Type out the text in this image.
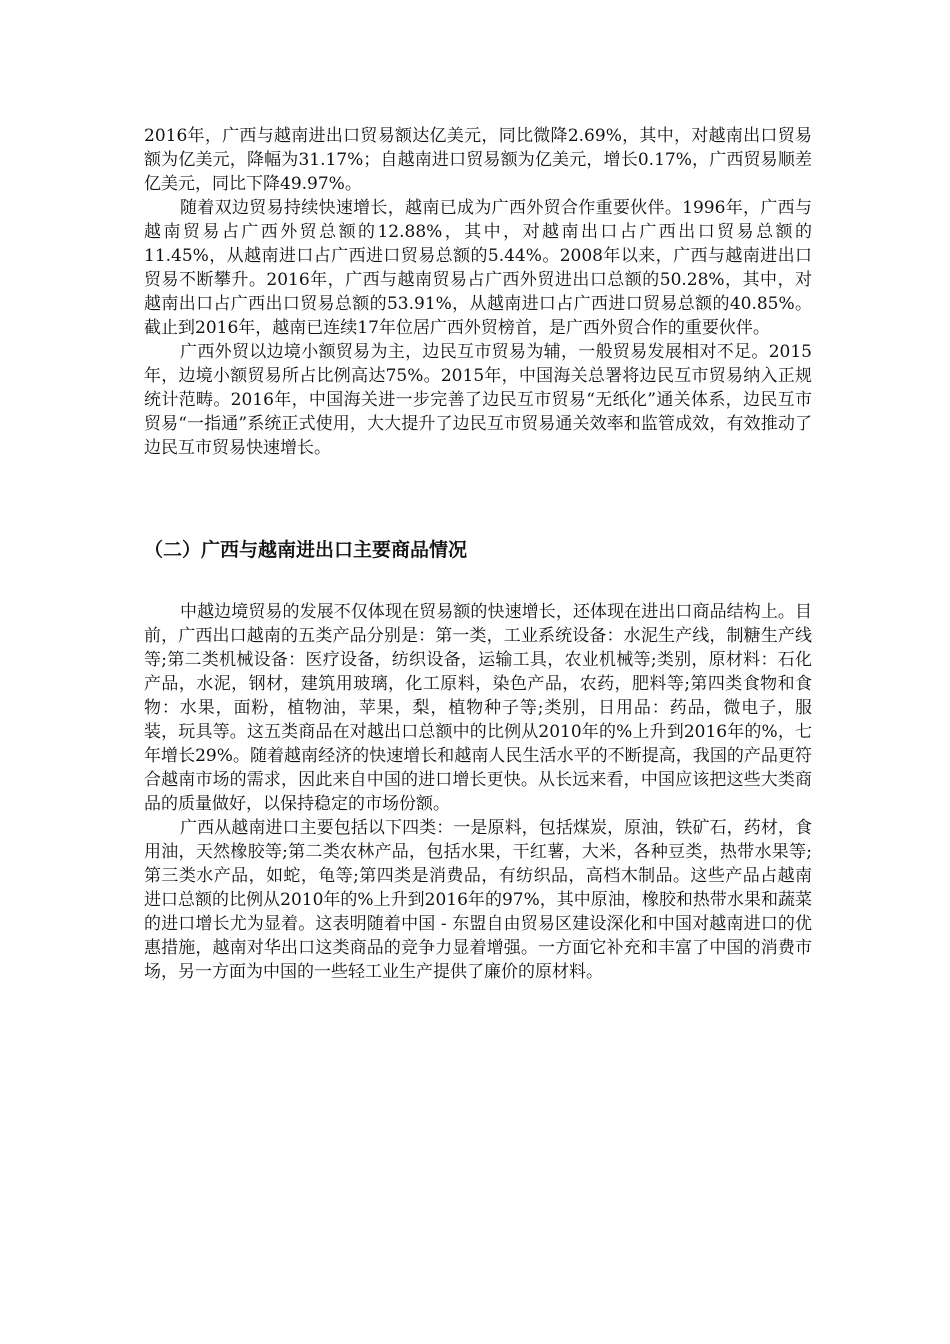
2016年，广西与越南进出口贸易额达亿美元，同比微降2.69%，其中，对越南出口贸易额为亿美元，降幅为31.17%；自越南进口贸易额为亿美元，增长0.17%，广西贸易顺差亿美元，同比下降49.97%。

随着双边贸易持续快速增长，越南已成为广西外贸合作重要伙伴。1996年，广西与越南贸易占广西外贸总额的12.88%，其中，对越南出口占广西出口贸易总额的11.45%，从越南进口占广西进口贸易总额的5.44%。2008年以来，广西与越南进出口贸易不断攀升。2016年，广西与越南贸易占广西外贸进出口总额的50.28%，其中，对越南出口占广西出口贸易总额的53.91%，从越南进口占广西进口贸易总额的40.85%。截止到2016年，越南已连续17年位居广西外贸榜首，是广西外贸合作的重要伙伴。

广西外贸以边境小额贸易为主，边民互市贸易为辅，一般贸易发展相对不足。2015年，边境小额贸易所占比例高达75%。2015年，中国海关总署将边民互市贸易纳入正规统计范畴。2016年，中国海关进一步完善了边民互市贸易“无纸化”通关体系，边民互市贸易“一指通”系统正式使用，大大提升了边民互市贸易通关效率和监管成效，有效推动了边民互市贸易快速增长。

（二）广西与越南进出口主要商品情况

中越边境贸易的发展不仅体现在贸易额的快速增长，还体现在进出口商品结构上。目前，广西出口越南的五类产品分别是：第一类，工业系统设备：水泥生产线，制糖生产线等;第二类机械设备：医疗设备，纺织设备，运输工具，农业机械等;类别，原材料：石化产品，水泥，钢材，建筑用玻璃，化工原料，染色产品，农药，肥料等;第四类食物和食物：水果，面粉，植物油，苹果，梨，植物种子等;类别，日用品：药品，微电子，服装，玩具等。这五类商品在对越出口总额中的比例从2010年的%上升到2016年的%，七年增长29%。随着越南经济的快速增长和越南人民生活水平的不断提高，我国的产品更符合越南市场的需求，因此来自中国的进口增长更快。从长远来看，中国应该把这些大类商品的质量做好，以保持稳定的市场份额。

广西从越南进口主要包括以下四类：一是原料，包括煤炭，原油，铁矿石，药材，食用油，天然橡胶等;第二类农林产品，包括水果，干红薯，大米，各种豆类，热带水果等;第三类水产品，如蛇，龟等;第四类是消费品，有纺织品，高档木制品。这些产品占越南进口总额的比例从2010年的%上升到2016年的97%，其中原油，橡胶和热带水果和蔬菜的进口增长尤为显着。这表明随着中国 - 东盟自由贸易区建设深化和中国对越南进口的优惠措施，越南对华出口这类商品的竞争力显着增强。一方面它补充和丰富了中国的消费市场，另一方面为中国的一些轻工业生产提供了廉价的原材料。
